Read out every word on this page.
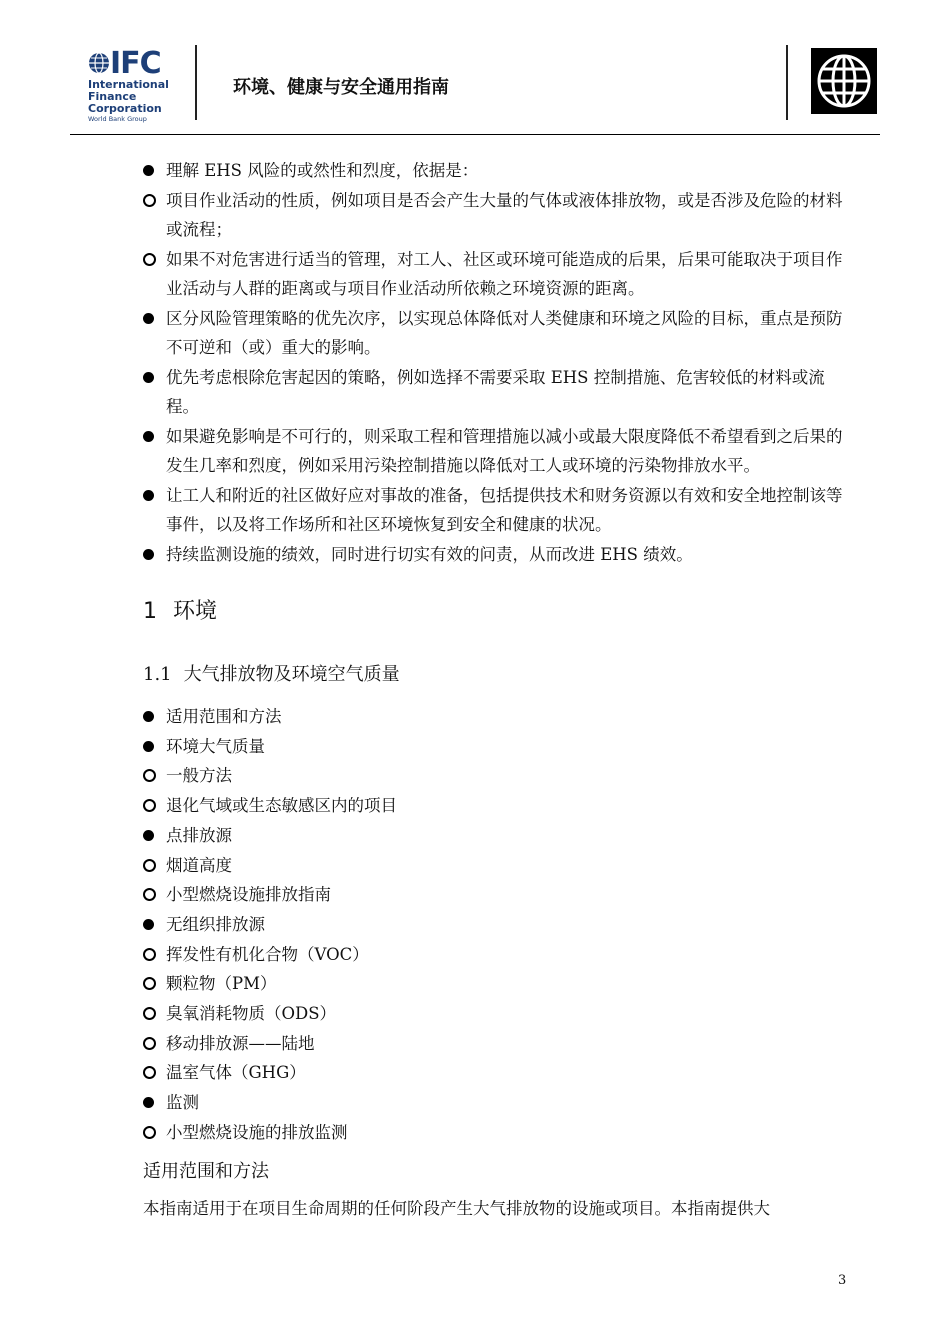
IFC
International
Finance
Corporation
World Bank Group
环境、健康与安全通用指南
理解 EHS 风险的或然性和烈度，依据是：
项目作业活动的性质，例如项目是否会产生大量的气体或液体排放物，或是否涉及危险的材料或流程；
如果不对危害进行适当的管理，对工人、社区或环境可能造成的后果，后果可能取决于项目作业活动与人群的距离或与项目作业活动所依赖之环境资源的距离。
区分风险管理策略的优先次序，以实现总体降低对人类健康和环境之风险的目标，重点是预防不可逆和（或）重大的影响。
优先考虑根除危害起因的策略，例如选择不需要采取 EHS 控制措施、危害较低的材料或流程。
如果避免影响是不可行的，则采取工程和管理措施以减小或最大限度降低不希望看到之后果的发生几率和烈度，例如采用污染控制措施以降低对工人或环境的污染物排放水平。
让工人和附近的社区做好应对事故的准备，包括提供技术和财务资源以有效和安全地控制该等事件，以及将工作场所和社区环境恢复到安全和健康的状况。
持续监测设施的绩效，同时进行切实有效的问责，从而改进 EHS 绩效。
1 环境
1.1 大气排放物及环境空气质量
适用范围和方法
环境大气质量
一般方法
退化气域或生态敏感区内的项目
点排放源
烟道高度
小型燃烧设施排放指南
无组织排放源
挥发性有机化合物（VOC）
颗粒物（PM）
臭氧消耗物质（ODS）
移动排放源——陆地
温室气体（GHG）
监测
小型燃烧设施的排放监测
适用范围和方法
本指南适用于在项目生命周期的任何阶段产生大气排放物的设施或项目。本指南提供大
3
